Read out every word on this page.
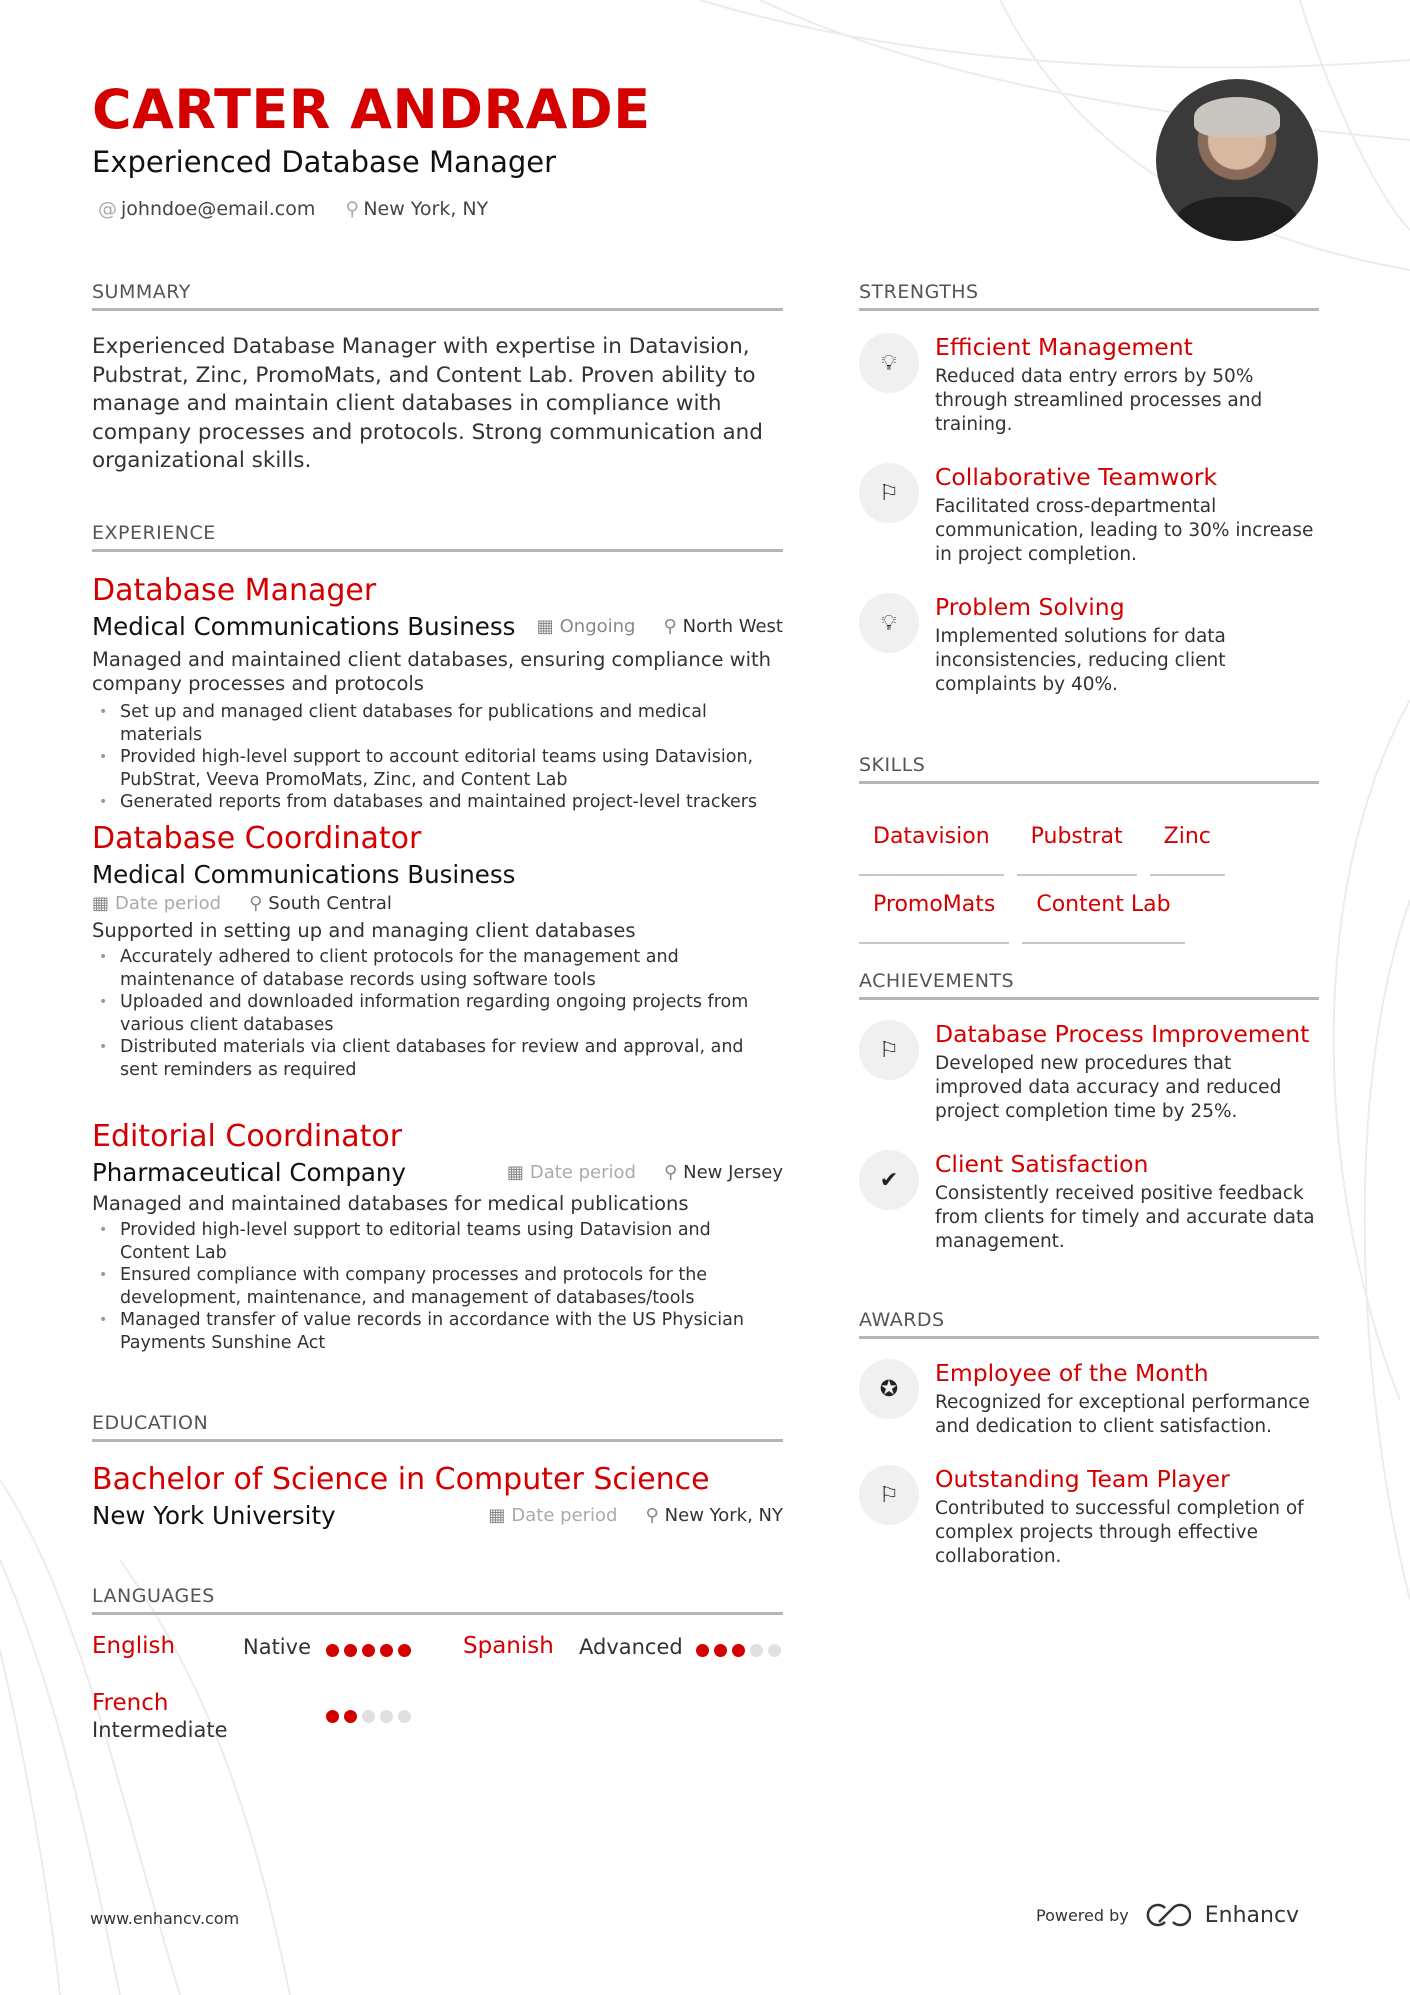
CARTER ANDRADE
Experienced Database Manager
@ johndoe@email.com ⚲ New York, NY
SUMMARY
Experienced Database Manager with expertise in Datavision, Pubstrat, Zinc, PromoMats, and Content Lab. Proven ability to manage and maintain client databases in compliance with company processes and protocols. Strong communication and organizational skills.
EXPERIENCE
Database Manager
Medical Communications Business ▦ Ongoing ⚲ North West
Managed and maintained client databases, ensuring compliance with company processes and protocols
• Set up and managed client databases for publications and medical materials
• Provided high-level support to account editorial teams using Datavision, PubStrat, Veeva PromoMats, Zinc, and Content Lab
• Generated reports from databases and maintained project-level trackers
Database Coordinator
Medical Communications Business
▦ Date period ⚲ South Central
Supported in setting up and managing client databases
• Accurately adhered to client protocols for the management and maintenance of database records using software tools
• Uploaded and downloaded information regarding ongoing projects from various client databases
• Distributed materials via client databases for review and approval, and sent reminders as required
Editorial Coordinator
Pharmaceutical Company	▦ Date period ⚲ New Jersey
Managed and maintained databases for medical publications
• Provided high-level support to editorial teams using Datavision and Content Lab
• Ensured compliance with company processes and protocols for the development, maintenance, and management of databases/tools
• Managed transfer of value records in accordance with the US Physician Payments Sunshine Act
EDUCATION
Bachelor of Science in Computer Science
New York University	▦ Date period ⚲ New York, NY
LANGUAGES
English	Native	Spanish Advanced
French
Intermediate
STRENGTHS
💡︎
Efficient Management
Reduced data entry errors by 50% through streamlined processes and training.
⚐
Collaborative Teamwork
Facilitated cross-departmental communication, leading to 30% increase in project completion.
💡︎
Problem Solving
Implemented solutions for data inconsistencies, reducing client complaints by 40%.
SKILLS
Datavision Pubstrat Zinc
PromoMats Content Lab
ACHIEVEMENTS
⚐
Database Process Improvement
Developed new procedures that improved data accuracy and reduced project completion time by 25%.
✔
Client Satisfaction
Consistently received positive feedback from clients for timely and accurate data management.
AWARDS
✪
Employee of the Month
Recognized for exceptional performance and dedication to client satisfaction.
⚐
Outstanding Team Player
Contributed to successful completion of complex projects through effective collaboration.
www.enhancv.com	Powered by	Enhancv
